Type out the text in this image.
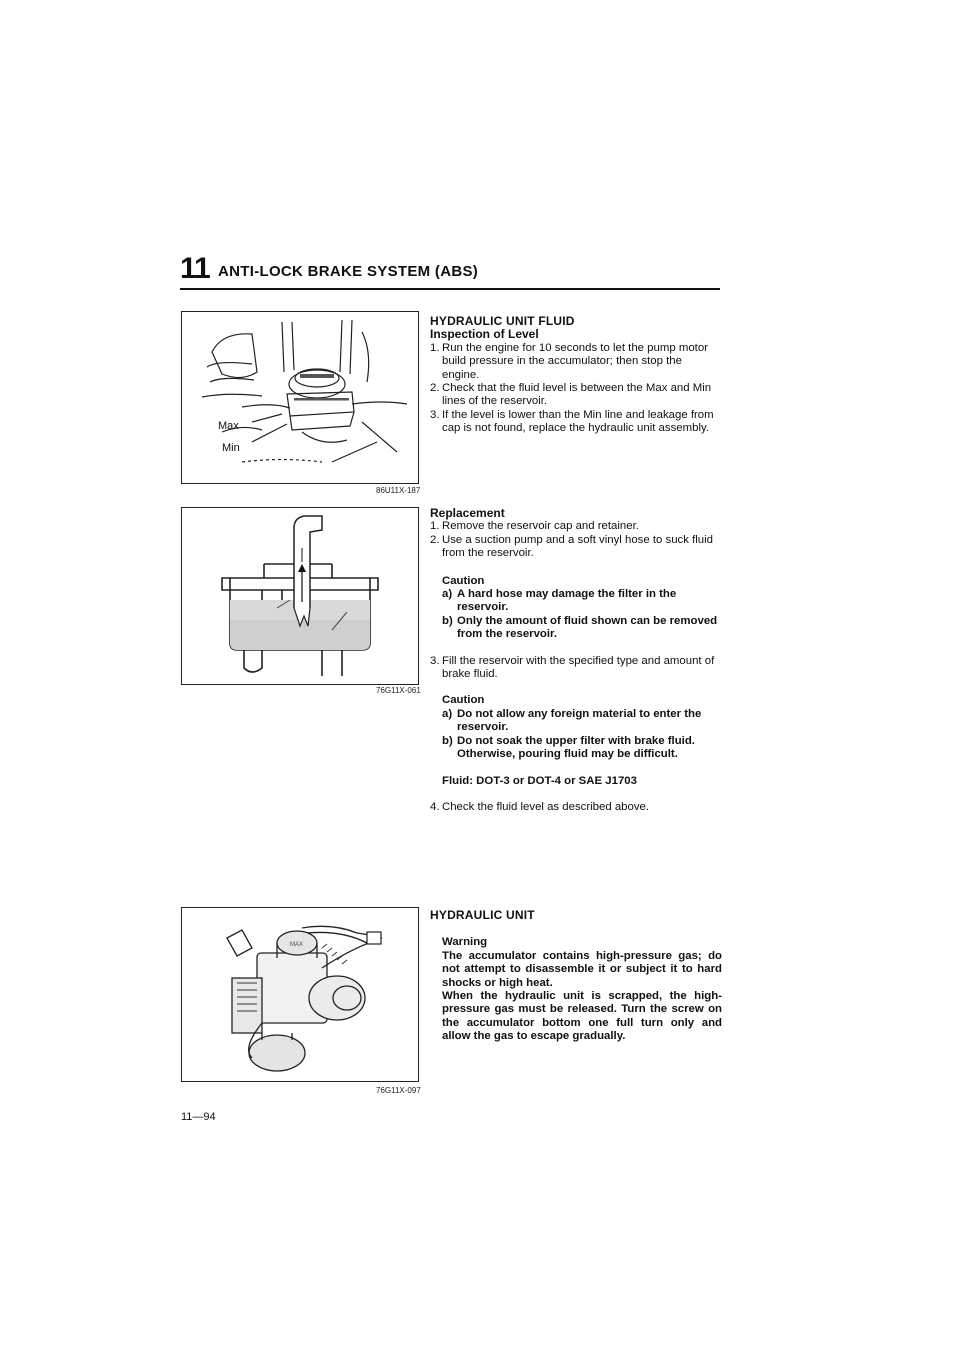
11 ANTI-LOCK BRAKE SYSTEM (ABS)
Max
Min
86U11X-187
76G11X-061
MAX
76G11X-097
HYDRAULIC UNIT FLUID
Inspection of Level
1. Run the engine for 10 seconds to let the pump motor build pressure in the accumulator; then stop the engine.
2. Check that the fluid level is between the Max and Min lines of the reservoir.
3. If the level is lower than the Min line and leakage from cap is not found, replace the hydraulic unit assembly.
Replacement
1. Remove the reservoir cap and retainer.
2. Use a suction pump and a soft vinyl hose to suck fluid from the reservoir.
Caution
a) A hard hose may damage the filter in the reservoir.
b) Only the amount of fluid shown can be removed from the reservoir.
3. Fill the reservoir with the specified type and amount of brake fluid.
Caution
a) Do not allow any foreign material to enter the reservoir.
b) Do not soak the upper filter with brake fluid. Otherwise, pouring fluid may be difficult.
Fluid: DOT-3 or DOT-4 or SAE J1703
4. Check the fluid level as described above.
HYDRAULIC UNIT
Warning
The accumulator contains high-pressure gas; do not attempt to disassemble it or subject it to hard shocks or high heat.
When the hydraulic unit is scrapped, the high-pressure gas must be released. Turn the screw on the accumulator bottom one full turn only and allow the gas to escape gradually.
11—94
